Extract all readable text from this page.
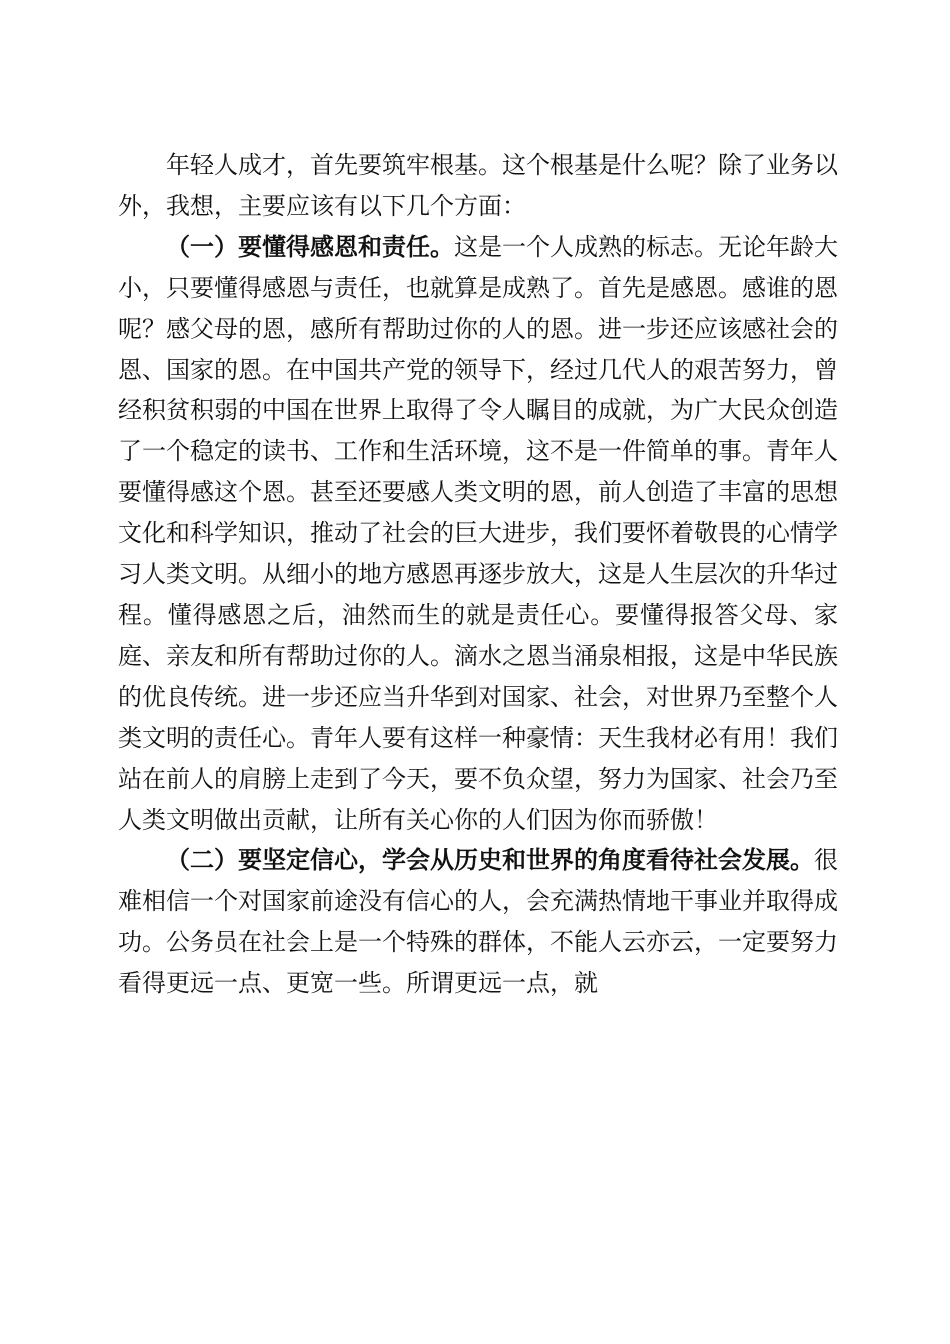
年轻人成才，首先要筑牢根基。这个根基是什么呢？除了业务以外，我想，主要应该有以下几个方面：

（一）要懂得感恩和责任。这是一个人成熟的标志。无论年龄大小，只要懂得感恩与责任，也就算是成熟了。首先是感恩。感谁的恩呢？感父母的恩，感所有帮助过你的人的恩。进一步还应该感社会的恩、国家的恩。在中国共产党的领导下，经过几代人的艰苦努力，曾经积贫积弱的中国在世界上取得了令人瞩目的成就，为广大民众创造了一个稳定的读书、工作和生活环境，这不是一件简单的事。青年人要懂得感这个恩。甚至还要感人类文明的恩，前人创造了丰富的思想文化和科学知识，推动了社会的巨大进步，我们要怀着敬畏的心情学习人类文明。从细小的地方感恩再逐步放大，这是人生层次的升华过程。懂得感恩之后，油然而生的就是责任心。要懂得报答父母、家庭、亲友和所有帮助过你的人。滴水之恩当涌泉相报，这是中华民族的优良传统。进一步还应当升华到对国家、社会，对世界乃至整个人类文明的责任心。青年人要有这样一种豪情：天生我材必有用！我们站在前人的肩膀上走到了今天，要不负众望，努力为国家、社会乃至人类文明做出贡献，让所有关心你的人们因为你而骄傲！

（二）要坚定信心，学会从历史和世界的角度看待社会发展。很难相信一个对国家前途没有信心的人，会充满热情地干事业并取得成功。公务员在社会上是一个特殊的群体，不能人云亦云，一定要努力看得更远一点、更宽一些。所谓更远一点，就
